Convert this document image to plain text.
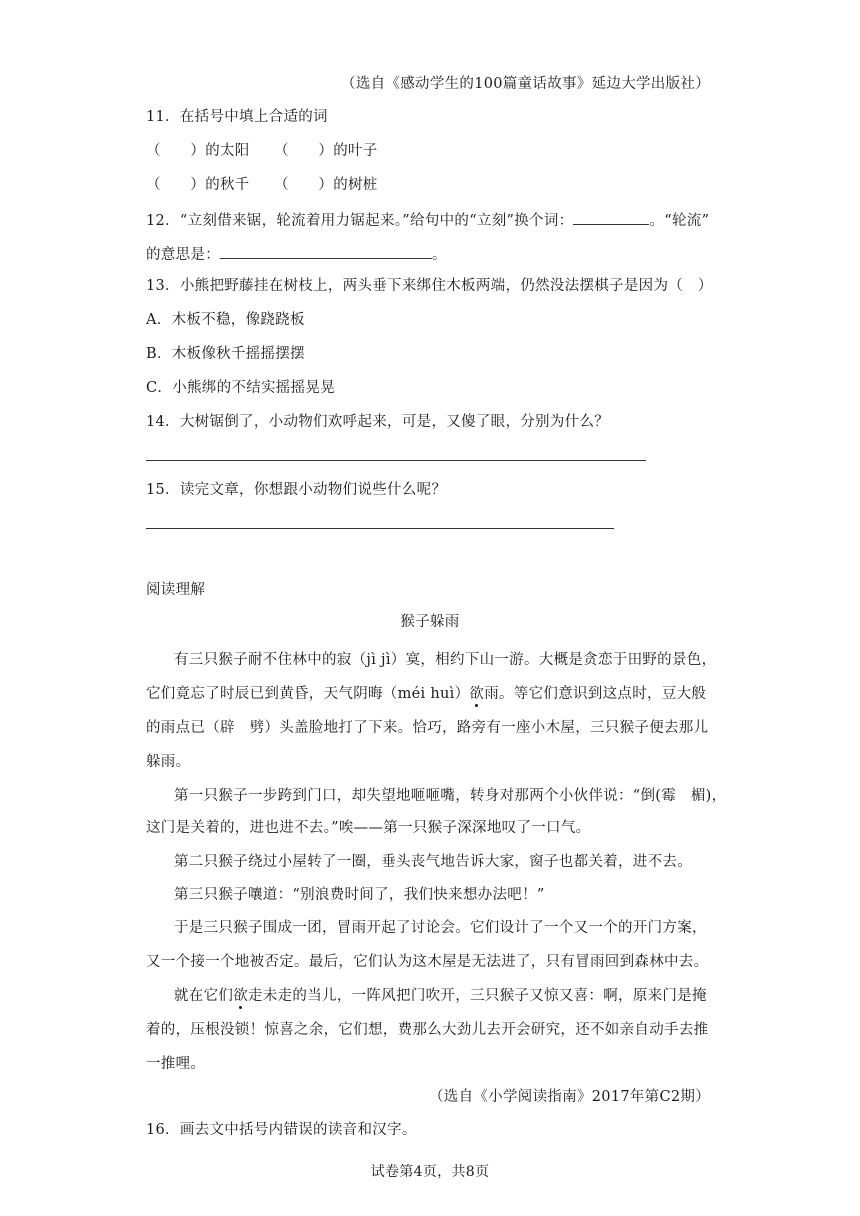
（选自《感动学生的100篇童话故事》延边大学出版社）
11．在括号中填上合适的词
（　　）的太阳 （　　）的叶子
（　　）的秋千 （　　）的树桩
12．“立刻借来锯，轮流着用力锯起来。”给句中的“立刻”换个词：	。“轮流”
的意思是：	。
13．小熊把野藤挂在树枝上，两头垂下来绑住木板两端，仍然没法摆棋子是因为（　）
A．木板不稳，像跷跷板
B．木板像秋千摇摇摆摆
C．小熊绑的不结实摇摇晃晃
14．大树锯倒了，小动物们欢呼起来，可是，又傻了眼，分别为什么？
15．读完文章，你想跟小动物们说些什么呢？
阅读理解
猴子躲雨
有三只猴子耐不住林中的寂（jì jì）寞，相约下山一游。大概是贪恋于田野的景色，
它们竟忘了时辰已到黄昏，天气阴晦（méi huì）欲雨。等它们意识到这点时，豆大般
的雨点已（辟　劈）头盖脸地打了下来。恰巧，路旁有一座小木屋，三只猴子便去那儿
躲雨。
第一只猴子一步跨到门口，却失望地咂咂嘴，转身对那两个小伙伴说：“倒(霉　楣)，
这门是关着的，进也进不去。”唉——第一只猴子深深地叹了一口气。
第二只猴子绕过小屋转了一圈，垂头丧气地告诉大家，窗子也都关着，进不去。
第三只猴子嚷道：“别浪费时间了，我们快来想办法吧！”
于是三只猴子围成一团，冒雨开起了讨论会。它们设计了一个又一个的开门方案，
又一个接一个地被否定。最后，它们认为这木屋是无法进了，只有冒雨回到森林中去。
就在它们欲走未走的当儿，一阵风把门吹开，三只猴子又惊又喜：啊，原来门是掩
着的，压根没锁！惊喜之余，它们想，费那么大劲儿去开会研究，还不如亲自动手去推
一推哩。
（选自《小学阅读指南》2017年第C2期）
16．画去文中括号内错误的读音和汉字。
试卷第4页，共8页
